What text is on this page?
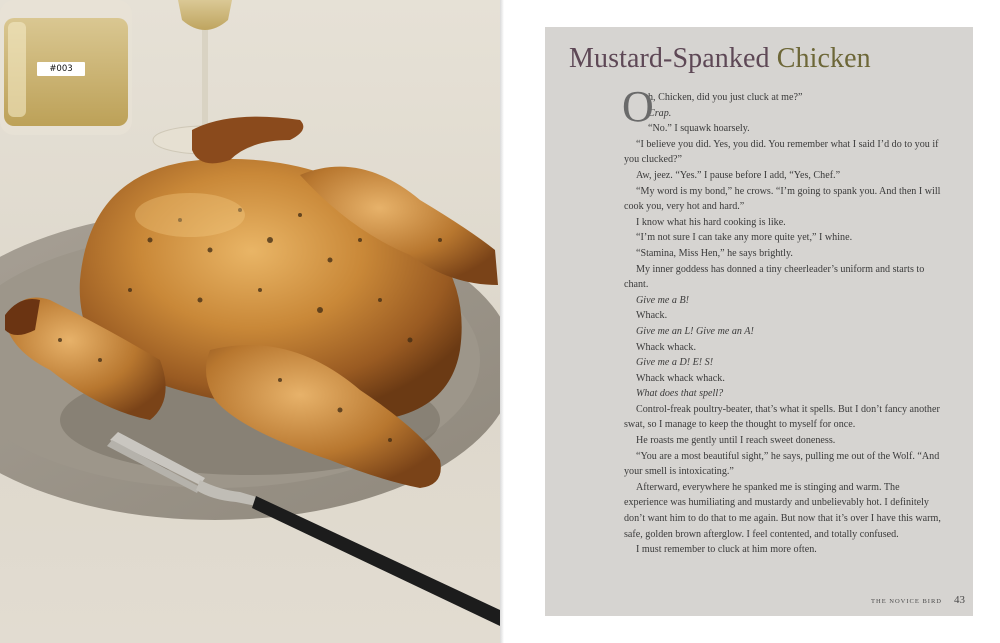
#003	Mustard-Spanked Chicken
O

h, Chicken, did you just cluck at me?”

Crap.

“No.” I squawk hoarsely.

“I believe you did. Yes, you did. You remember what I said I’d do to you if you clucked?”

Aw, jeez. “Yes.” I pause before I add, “Yes, Chef.”

“My word is my bond,” he crows. “I’m going to spank you. And then I will cook you, very hot and hard.”

I know what his hard cooking is like.

“I’m not sure I can take any more quite yet,” I whine.

“Stamina, Miss Hen,” he says brightly.

My inner goddess has donned a tiny cheerleader’s uniform and starts to chant.

Give me a B!

Whack.

Give me an L! Give me an A!

Whack whack.

Give me a D! E! S!

Whack whack whack.

What does that spell?

Control-freak poultry-beater, that’s what it spells. But I don’t fancy another swat, so I manage to keep the thought to myself for once.

He roasts me gently until I reach sweet doneness.

“You are a most beautiful sight,” he says, pulling me out of the Wolf. “And your smell is intoxicating.”

Afterward, everywhere he spanked me is stinging and warm. The experience was humiliating and mustardy and unbelievably hot. I definitely don’t want him to do that to me again. But now that it’s over I have this warm, safe, golden brown afterglow. I feel contented, and totally confused.

I must remember to cluck at him more often.

THE NOVICE BIRD 43
